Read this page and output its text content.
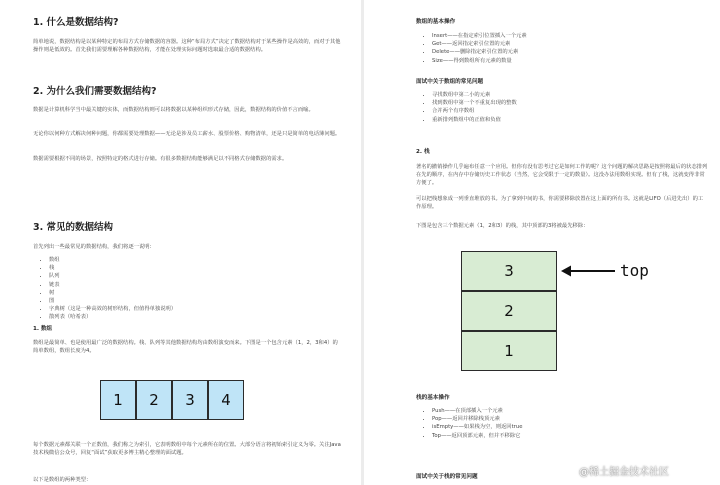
1. 什么是数据结构?

简单地说，数据结构是以某种特定的布局方式存储数据的容器。这种“布局方式”决定了数据结构对于某些操作是高效的，而对于其他操作则是低效的。首先我们需要理解各种数据结构，才能在处理实际问题时选取最合适的数据结构。

2. 为什么我们需要数据结构?

数据是计算机科学当中最关键的实体，而数据结构则可以将数据以某种组织形式存储，因此，数据结构的价值不言而喻。

无论你以何种方式解决何种问题，你都需要处理数据——无论是涉及员工薪水、股票价格、购物清单，还是只是简单的电话簿问题。

数据需要根据不同的场景，按照特定的格式进行存储。有很多数据结构能够满足以不同格式存储数据的需求。

3. 常见的数据结构

首先列出一些最常见的数据结构，我们将逐一说明：

• 数组
• 栈
• 队列
• 链表
• 树
• 图
• 字典树（这是一种高效的树形结构，但值得单独说明）
• 散列表（哈希表）
1. 数组

数组是最简单、也是使用最广泛的数据结构。栈、队列等其他数据结构均由数组演变而来。下图是一个包含元素（1，2，3和4）的简单数组，数组长度为4。

1	2	3	4

每个数据元素都关联一个正数值，我们称之为索引，它表明数组中每个元素所在的位置。大部分语言将初始索引定义为零。关注Java技术栈微信公众号，回复“面试”获取更多博主精心整理的面试题。

以下是数组的两种类型：

数组的基本操作
• Insert——在指定索引位置插入一个元素
• Get——返回指定索引位置的元素
• Delete——删除指定索引位置的元素
• Size——得到数组所有元素的数量
面试中关于数组的常见问题
• 寻找数组中第二小的元素
• 找到数组中第一个不重复出现的整数
• 合并两个有序数组
• 重新排列数组中的正值和负值
2. 栈

著名的撤销操作几乎遍布任意一个应用。但你有没有思考过它是如何工作的呢？这个问题的解决思路是按照将最后的状态排列在先的顺序，在内存中存储历史工作状态（当然，它会受限于一定的数量）。这没办法用数组实现。但有了栈，这就变得非常方便了。

可以把栈想象成一列垂直堆放的书。为了拿到中间的书，你需要移除放置在这上面的所有书。这就是LIFO（后进先出）的工作原理。

下图是包含三个数据元素（1，2和3）的栈，其中顶部的3将被最先移除：

3
2
1
top
栈的基本操作
• Push——在顶部插入一个元素
• Pop——返回并移除栈顶元素
• isEmpty——如果栈为空，则返回true
• Top——返回顶部元素，但并不移除它
面试中关于栈的常见问题	@稀土掘金技术社区
